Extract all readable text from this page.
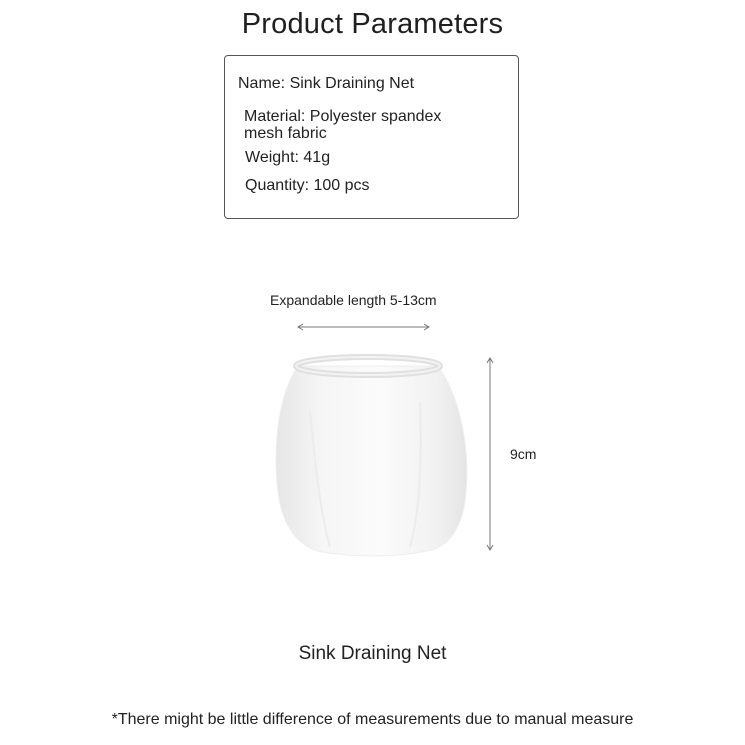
Product Parameters
Name: Sink Draining Net
Material: Polyester spandex mesh fabric
Weight: 41g
Quantity: 100 pcs
Expandable length 5-13cm
9cm
Sink Draining Net
*There might be little difference of measurements due to manual measure
